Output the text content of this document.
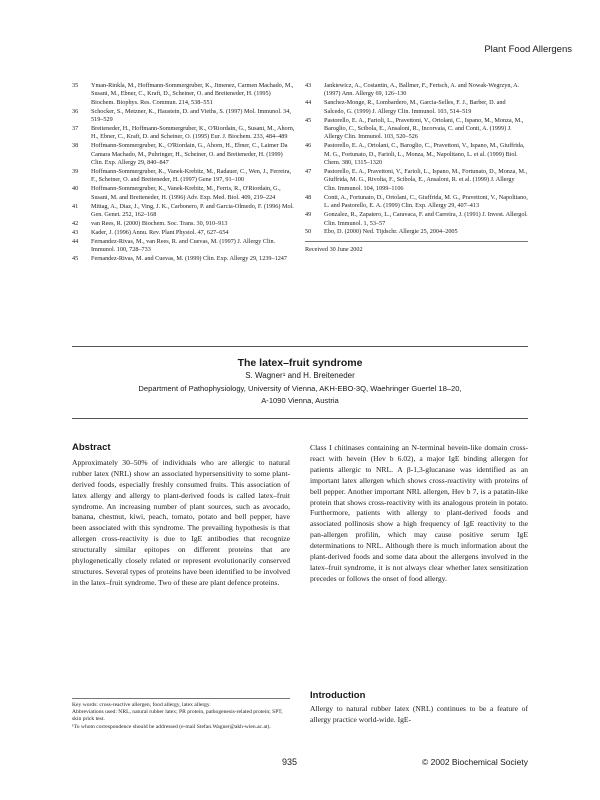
Plant Food Allergens
35	Yman-Rinkla, M., Hoffmann-Sommergruber, K., Jimenez, Carmen Machado, M., Susani, M., Ebner, C., Kraft, D., Scheiner, O. and Breiteneder, H. (1995) Biochem. Biophys. Res. Commun. 214, 538–551
36	Schocker, S., Metzner, K., Haustein, D. and Vieths, S. (1997) Mol. Immunol. 34, 519–529
37	Breiteneder, H., Hoffmann-Sommergruber, K., O'Riordain, G., Susani, M., Ahorn, H., Ebner, C., Kraft, D. and Scheiner, O. (1995) Eur. J. Biochem. 233, 484–489
38	Hoffmann-Sommergruber, K., O'Riordain, G., Ahorn, H., Ebner, C., Laimer Da Camara Machado, M., Puhringer, H., Scheiner, O. and Breiteneder, H. (1999) Clin. Exp. Allergy 29, 840–847
39	Hoffmann-Sommergruber, K., Vanek-Krebitz, M., Radauer, C., Wen, J., Ferreira, F., Scheiner, O. and Breiteneder, H. (1997) Gene 197, 91–100
40	Hoffmann-Sommergruber, K., Vanek-Krebitz, M., Ferris, R., O'Riordain, G., Susani, M. and Breiteneder, H. (1996) Adv. Exp. Med. Biol. 409, 219–224
41	Mittag, A., Diaz, J., Ving, J. K., Carbonero, P. and Garcia-Olmedo, F. (1996) Mol. Gen. Genet. 252, 162–168
42	van Rees, R. (2000) Biochem. Soc. Trans. 30, 910–913
43	Kader, J. (1996) Annu. Rev. Plant Physiol. 47, 627–654
44	Fernandez-Rivas, M., van Rees, R. and Cuevas, M. (1997) J. Allergy Clin. Immunol. 100, 728–733
45	Fernandez-Rivas, M. and Cuevas, M. (1999) Clin. Exp. Allergy 29, 1239–1247
43	Jankiewicz, A., Costantin, A., Ballmer, F., Fertsch, A. and Nowak-Wegrzyn, A. (1997) Ann. Allergy 69, 126–130
44	Sanchez-Monge, R., Lombardero, M., Garcia-Selles, F. J., Barber, D. and Salcedo, G. (1999) J. Allergy Clin. Immunol. 103, 514–519
45	Pastorello, E. A., Farioli, L., Pravettoni, V., Ortolani, C., Ispano, M., Monza, M., Baroglio, C., Scibola, E., Ansaloni, R., Incorvaia, C. and Conti, A. (1999) J. Allergy Clin. Immunol. 103, 520–526
46	Pastorello, E. A., Ortolani, C., Baroglio, C., Pravettoni, V., Ispano, M., Giuffrida, M. G., Fortunato, D., Farioli, L., Monza, M., Napolitano, L. et al. (1999) Biol. Chem. 380, 1315–1320
47	Pastorello, E. A., Pravettoni, V., Farioli, L., Ispano, M., Fortunato, D., Monza, M., Giuffrida, M. G., Rivolta, F., Scibola, E., Ansaloni, R. et al. (1999) J. Allergy Clin. Immunol. 104, 1099–1106
48	Conti, A., Fortunato, D., Ortolani, C., Giuffrida, M. G., Pravettoni, V., Napolitano, L. and Pastorello, E. A. (1999) Clin. Exp. Allergy 29, 407–413
49	Gonzalez, R., Zapatero, L., Caravaca, F. and Carreira, J. (1991) J. Invest. Allergol. Clin. Immunol. 1, 53–57
50	Ebo, D. (2000) Ned. Tijdschr. Allergie 25, 2004–2005
Received 30 June 2002
The latex–fruit syndrome
S. Wagner¹ and H. Breiteneder
Department of Pathophysiology, University of Vienna, AKH-EBO-3Q, Waehringer Guertel 18–20,
A-1090 Vienna, Austria
Abstract
Approximately 30–50% of individuals who are allergic to natural rubber latex (NRL) show an associated hypersensitivity to some plant-derived foods, especially freshly consumed fruits. This association of latex allergy and allergy to plant-derived foods is called latex–fruit syndrome. An increasing number of plant sources, such as avocado, banana, chestnut, kiwi, peach, tomato, potato and bell pepper, have been associated with this syndrome. The prevailing hypothesis is that allergen cross-reactivity is due to IgE antibodies that recognize structurally similar epitopes on different proteins that are phylogenetically closely related or represent evolutionarily conserved structures. Several types of proteins have been identified to be involved in the latex–fruit syndrome. Two of these are plant defence proteins.
Class I chitinases containing an N-terminal hevein-like domain cross-react with hevein (Hev b 6.02), a major IgE binding allergen for patients allergic to NRL. A β-1,3-glucanase was identified as an important latex allergen which shows cross-reactivity with proteins of bell pepper. Another important NRL allergen, Hev b 7, is a patatin-like protein that shows cross-reactivity with its analogous protein in potato. Furthermore, patients with allergy to plant-derived foods and associated pollinosis show a high frequency of IgE reactivity to the pan-allergen profilin, which may cause positive serum IgE determinations to NRL. Although there is much information about the plant-derived foods and some data about the allergens involved in the latex–fruit syndrome, it is not always clear whether latex sensitization precedes or follows the onset of food allergy.
Key words: cross-reactive allergen, food allergy, latex allergy.
Abbreviations used: NRL, natural rubber latex; PR protein, pathogenesis-related protein; SPT, skin prick test.
¹To whom correspondence should be addressed (e-mail Stefan.Wagner@akh-wien.ac.at).
Introduction
Allergy to natural rubber latex (NRL) continues to be a feature of allergy practice world-wide. IgE-
935	© 2002 Biochemical Society
